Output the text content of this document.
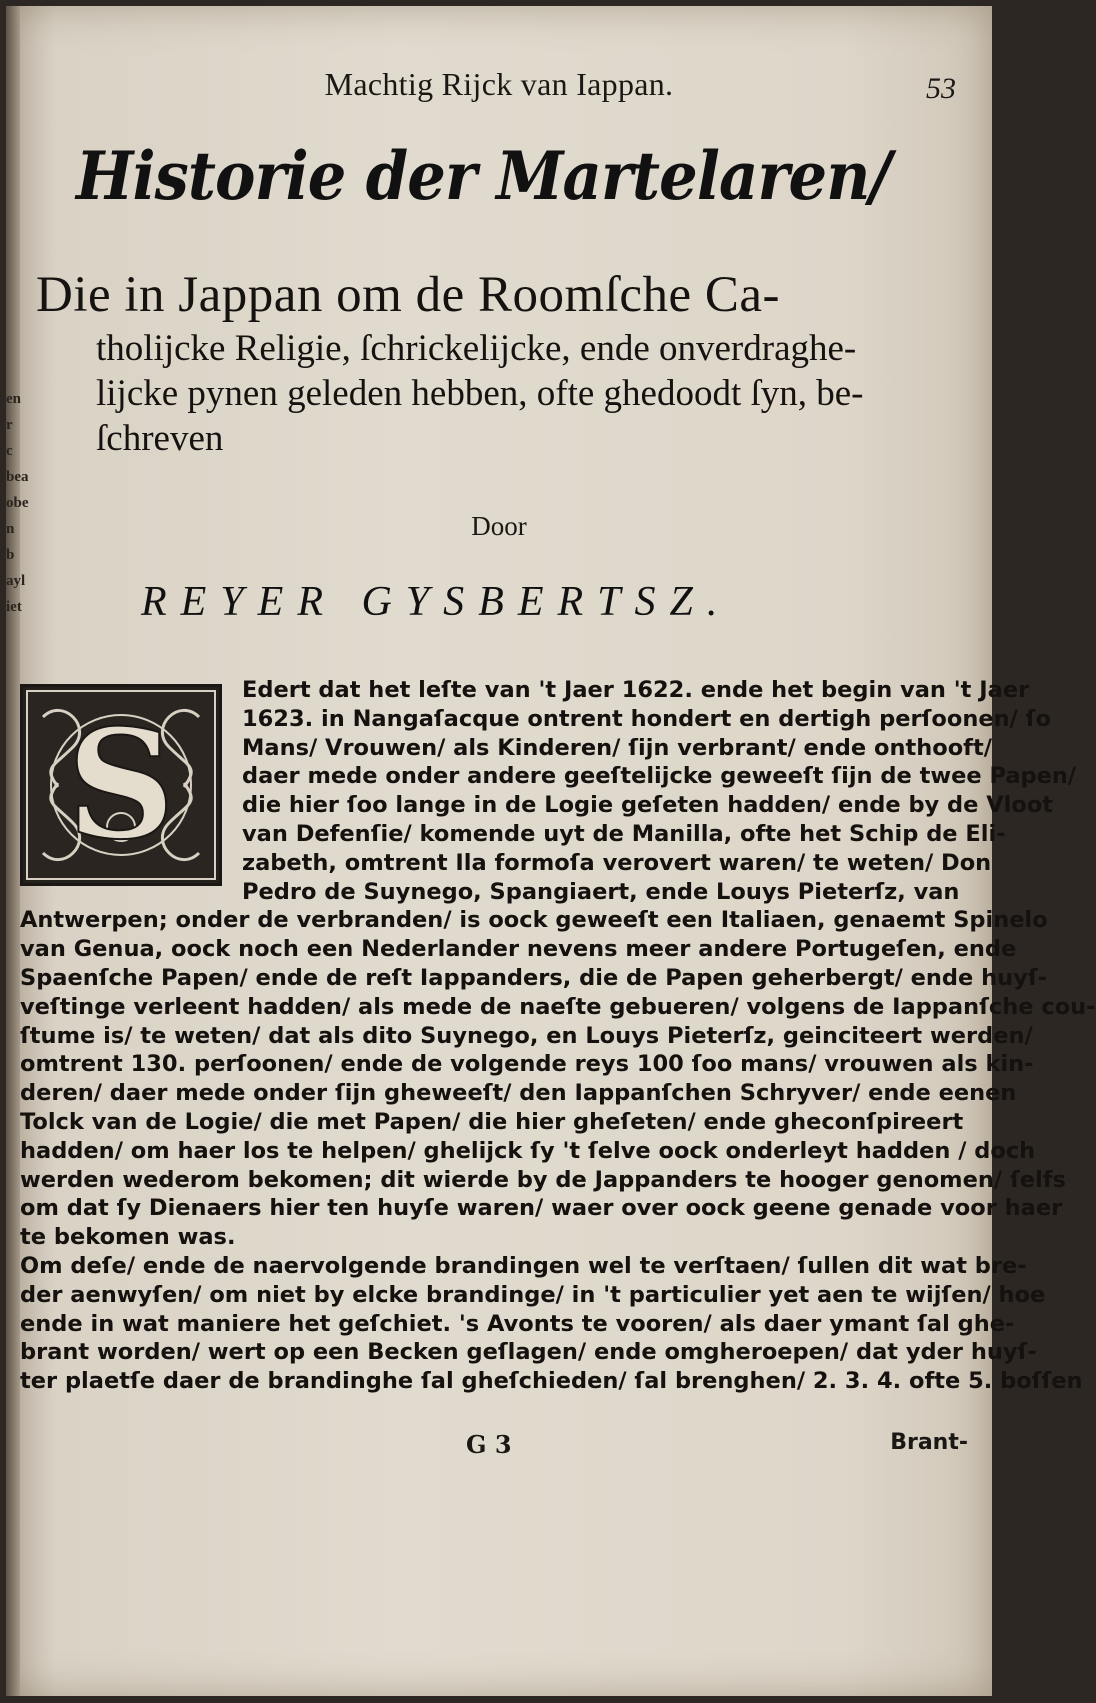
en
r c
bea
obe
n b
ayl
iet
Machtig Rijck van Iappan.	53
Historie der Martelaren/
Die in Jappan om de Roomſche Ca-
tholijcke Religie, ſchrickelijcke, ende onverdraghe-
lijcke pynen geleden hebben, ofte ghedoodt ſyn, be-
ſchreven
Door
REYER GYSBERTSZ.
S
Edert dat het leſte van 't Jaer 1622. ende het begin van 't Jaer
1623. in Nangaſacque ontrent hondert en dertigh perſoonen/ ſo
Mans/ Vrouwen/ als Kinderen/ ſijn verbrant/ ende onthooft/
daer mede onder andere geeſtelijcke geweeſt ſijn de twee Papen/
die hier ſoo lange in de Logie geſeten hadden/ ende by de Vloot
van Defenſie/ komende uyt de Manilla, ofte het Schip de Eli-
zabeth, omtrent Ila formoſa verovert waren/ te weten/ Don
Pedro de Suynego, Spangiaert, ende Louys Pieterſz, van
Antwerpen; onder de verbranden/ is oock geweeſt een Italiaen, genaemt Spinelo
van Genua, oock noch een Nederlander nevens meer andere Portugeſen, ende
Spaenſche Papen/ ende de reſt Iappanders, die de Papen geherbergt/ ende huyſ-
veſtinge verleent hadden/ als mede de naeſte gebueren/ volgens de Iappanſche cou-
ſtume is/ te weten/ dat als dito Suynego, en Louys Pieterſz, geinciteert werden/
omtrent 130. perſoonen/ ende de volgende reys 100 ſoo mans/ vrouwen als kin-
deren/ daer mede onder ſijn gheweeſt/ den Iappanſchen Schryver/ ende eenen
Tolck van de Logie/ die met Papen/ die hier gheſeten/ ende gheconſpireert
hadden/ om haer los te helpen/ ghelijck ſy 't ſelve oock onderleyt hadden / doch
werden wederom bekomen; dit wierde by de Jappanders te hooger genomen/ ſelfs
om dat ſy Dienaers hier ten huyſe waren/ waer over oock geene genade voor haer
te bekomen was.
Om deſe/ ende de naervolgende brandingen wel te verſtaen/ ſullen dit wat bre-
der aenwyſen/ om niet by elcke brandinge/ in 't particulier yet aen te wijſen/ hoe
ende in wat maniere het geſchiet. 's Avonts te vooren/ als daer ymant ſal ghe-
brant worden/ wert op een Becken geſlagen/ ende omgheroepen/ dat yder huyſ-
ter plaetſe daer de brandinghe ſal gheſchieden/ ſal brenghen/ 2. 3. 4. ofte 5. boſſen
G 3	Brant-
